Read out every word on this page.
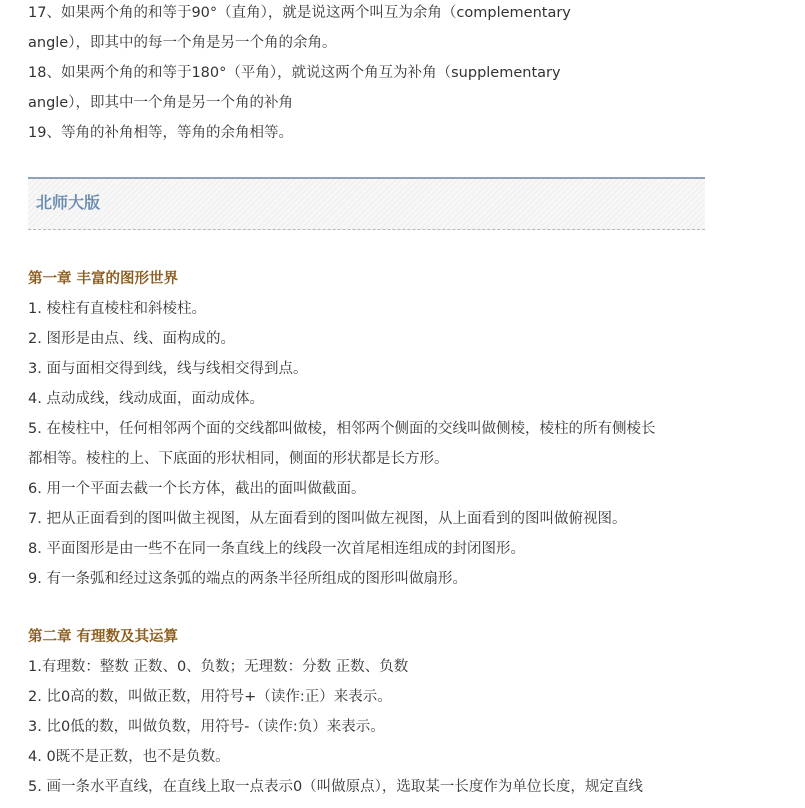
17、如果两个角的和等于90°（直角），就是说这两个叫互为余角（complementary
angle），即其中的每一个角是另一个角的余角。
18、如果两个角的和等于180°（平角），就说这两个角互为补角（supplementary
angle），即其中一个角是另一个角的补角
19、等角的补角相等，等角的余角相等。
北师大版
第一章 丰富的图形世界
1. 棱柱有直棱柱和斜棱柱。
2. 图形是由点、线、面构成的。
3. 面与面相交得到线，线与线相交得到点。
4. 点动成线，线动成面，面动成体。
5. 在棱柱中，任何相邻两个面的交线都叫做棱，相邻两个侧面的交线叫做侧棱，棱柱的所有侧棱长
都相等。棱柱的上、下底面的形状相同，侧面的形状都是长方形。
6. 用一个平面去截一个长方体，截出的面叫做截面。
7. 把从正面看到的图叫做主视图，从左面看到的图叫做左视图，从上面看到的图叫做俯视图。
8. 平面图形是由一些不在同一条直线上的线段一次首尾相连组成的封闭图形。
9. 有一条弧和经过这条弧的端点的两条半径所组成的图形叫做扇形。
第二章 有理数及其运算
1.有理数：整数 正数、0、负数；无理数：分数 正数、负数
2. 比0高的数，叫做正数，用符号+（读作:正）来表示。
3. 比0低的数，叫做负数，用符号-（读作:负）来表示。
4. 0既不是正数，也不是负数。
5. 画一条水平直线，在直线上取一点表示0（叫做原点），选取某一长度作为单位长度，规定直线
